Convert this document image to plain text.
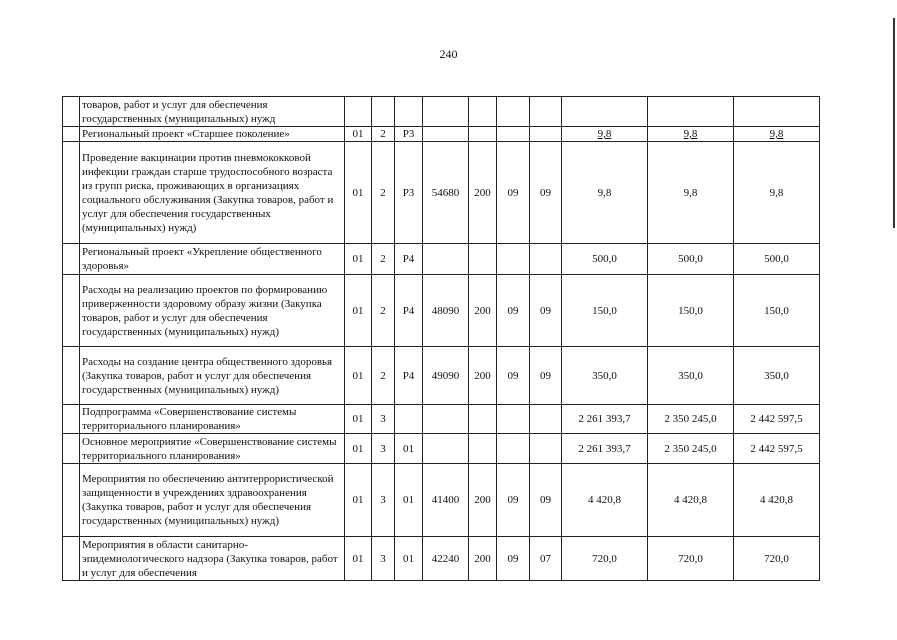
240
	товаров, работ и услуг для обеспечения государственных (муниципальных) нужд										
	Региональный проект «Старшее поколение»	01	2	P3					9,8	9,8	9,8
	Проведение вакцинации против пневмококковой инфекции граждан старше трудоспособного возраста из групп риска, проживающих в организациях социального обслуживания (Закупка товаров, работ и услуг для обеспечения государственных (муниципальных) нужд)	01	2	P3	54680	200	09	09	9,8	9,8	9,8
	Региональный проект «Укрепление общественного здоровья»	01	2	P4					500,0	500,0	500,0
	Расходы на реализацию проектов по формированию приверженности здоровому образу жизни (Закупка товаров, работ и услуг для обеспечения государственных (муниципальных) нужд)	01	2	P4	48090	200	09	09	150,0	150,0	150,0
	Расходы на создание центра общественного здоровья (Закупка товаров, работ и услуг для обеспечения государственных (муниципальных) нужд)	01	2	P4	49090	200	09	09	350,0	350,0	350,0
	Подпрограмма «Совершенствование системы территориального планирования»	01	3						2 261 393,7	2 350 245,0	2 442 597,5
	Основное мероприятие «Совершенствование системы территориального планирования»	01	3	01					2 261 393,7	2 350 245,0	2 442 597,5
	Мероприятия по обеспечению антитеррористической защищенности в учреждениях здравоохранения (Закупка товаров, работ и услуг для обеспечения государственных (муниципальных) нужд)	01	3	01	41400	200	09	09	4 420,8	4 420,8	4 420,8
	Мероприятия в области санитарно-эпидемиологического надзора (Закупка товаров, работ и услуг для обеспечения	01	3	01	42240	200	09	07	720,0	720,0	720,0
